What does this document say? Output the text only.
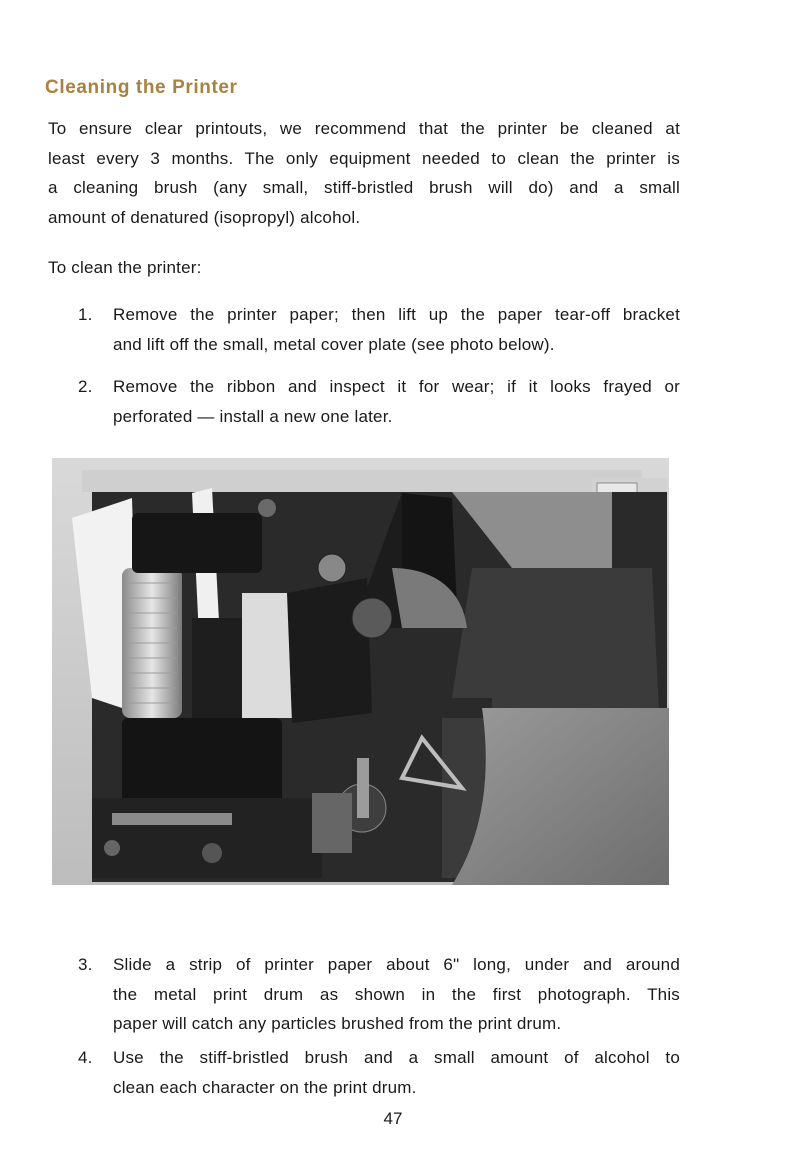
Cleaning the Printer
To ensure clear printouts, we recommend that the printer be cleaned at
least every 3 months. The only equipment needed to clean the printer is
a cleaning brush (any small, stiff-bristled brush will do) and a small
amount of denatured (isopropyl) alcohol.
To clean the printer:
1.	Remove the printer paper; then lift up the paper tear-off bracket
and lift off the small, metal cover plate (see photo below).
2.	Remove the ribbon and inspect it for wear; if it looks frayed or
perforated — install a new one later.
3.	Slide a strip of printer paper about 6" long, under and around
the metal print drum as shown in the first photograph. This
paper will catch any particles brushed from the print drum.
4.	Use the stiff-bristled brush and a small amount of alcohol to
clean each character on the print drum.
47
